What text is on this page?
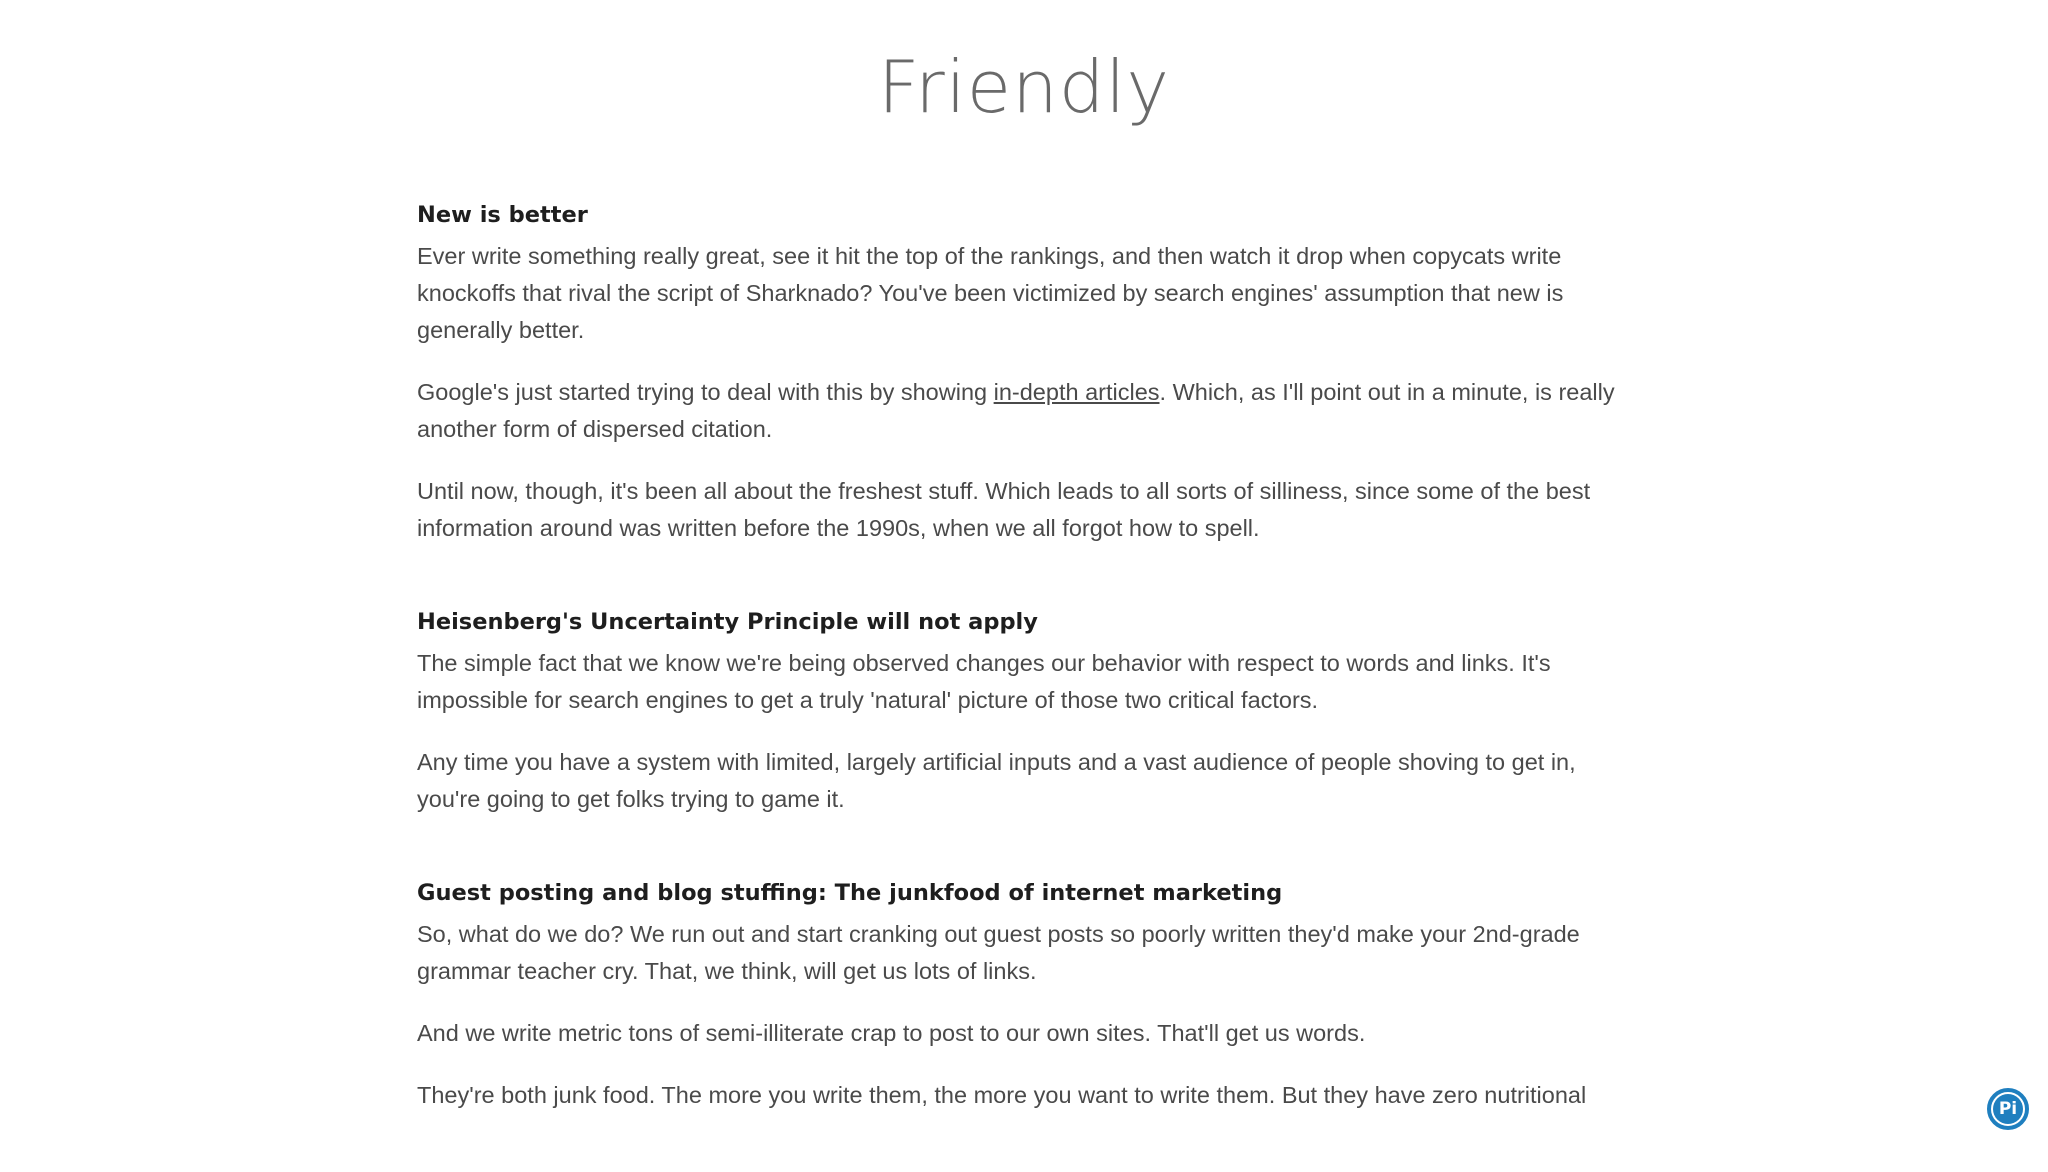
Friendly
New is better

Ever write something really great, see it hit the top of the rankings, and then watch it drop when copycats write knockoffs that rival the script of Sharknado? You've been victimized by search engines' assumption that new is generally better.

Google's just started trying to deal with this by showing in-depth articles. Which, as I'll point out in a minute, is really another form of dispersed citation.

Until now, though, it's been all about the freshest stuff. Which leads to all sorts of silliness, since some of the best information around was written before the 1990s, when we all forgot how to spell.

Heisenberg's Uncertainty Principle will not apply

The simple fact that we know we're being observed changes our behavior with respect to words and links. It's impossible for search engines to get a truly 'natural' picture of those two critical factors.

Any time you have a system with limited, largely artificial inputs and a vast audience of people shoving to get in, you're going to get folks trying to game it.

Guest posting and blog stuffing: The junkfood of internet marketing

So, what do we do? We run out and start cranking out guest posts so poorly written they'd make your 2nd-grade grammar teacher cry. That, we think, will get us lots of links.

And we write metric tons of semi-illiterate crap to post to our own sites. That'll get us words.

They're both junk food. The more you write them, the more you want to write them. But they have zero nutritional

Pi
